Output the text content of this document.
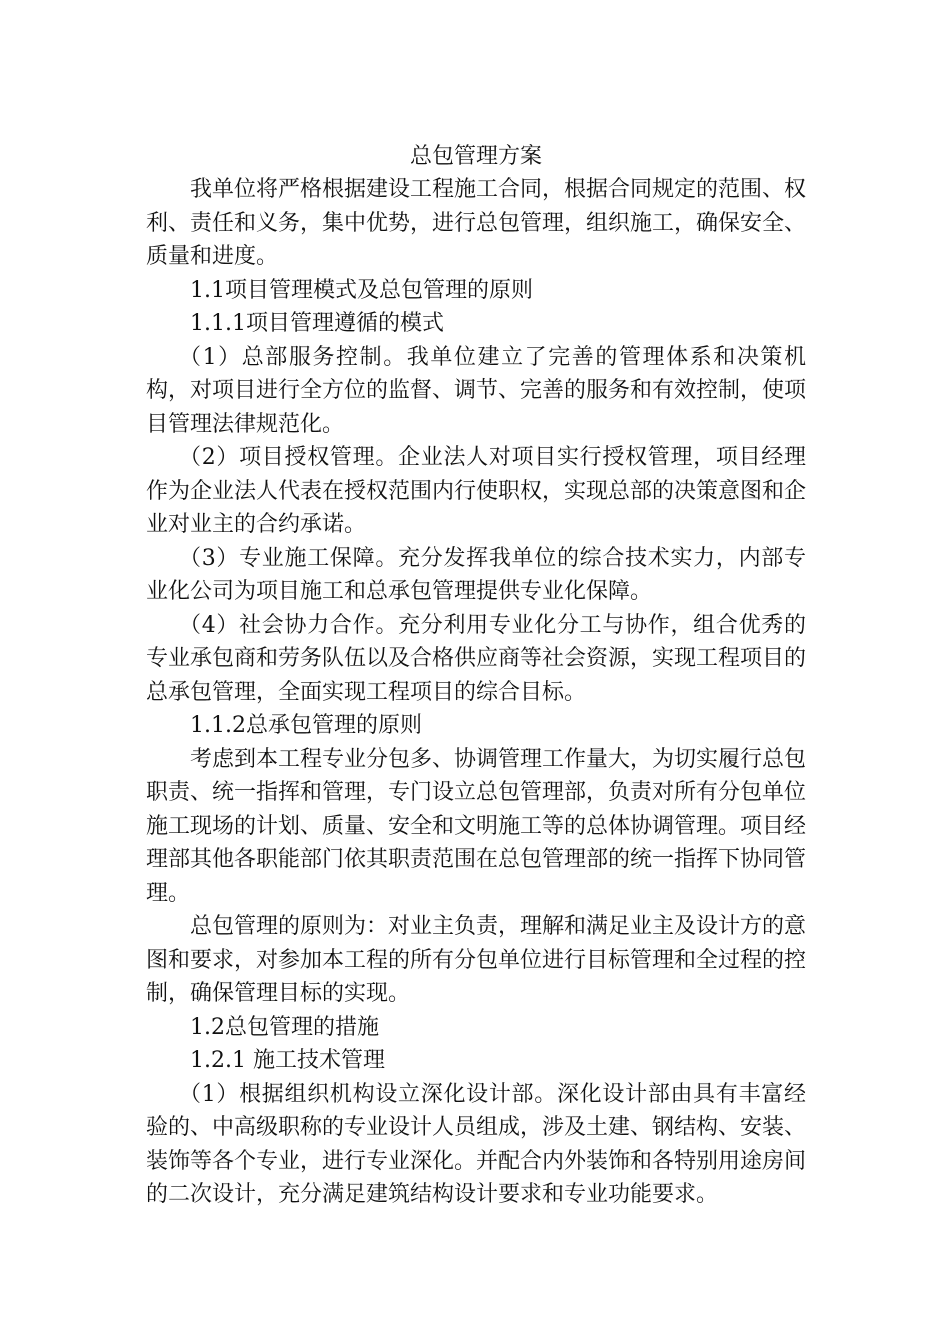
总包管理方案

我单位将严格根据建设工程施工合同，根据合同规定的范围、权利、责任和义务，集中优势，进行总包管理，组织施工，确保安全、质量和进度。

1.1项目管理模式及总包管理的原则

1.1.1项目管理遵循的模式

（1）总部服务控制。我单位建立了完善的管理体系和决策机构，对项目进行全方位的监督、调节、完善的服务和有效控制，使项目管理法律规范化。

（2）项目授权管理。企业法人对项目实行授权管理，项目经理作为企业法人代表在授权范围内行使职权，实现总部的决策意图和企业对业主的合约承诺。

（3）专业施工保障。充分发挥我单位的综合技术实力，内部专业化公司为项目施工和总承包管理提供专业化保障。

（4）社会协力合作。充分利用专业化分工与协作，组合优秀的专业承包商和劳务队伍以及合格供应商等社会资源，实现工程项目的总承包管理，全面实现工程项目的综合目标。

1.1.2总承包管理的原则

考虑到本工程专业分包多、协调管理工作量大，为切实履行总包职责、统一指挥和管理，专门设立总包管理部，负责对所有分包单位施工现场的计划、质量、安全和文明施工等的总体协调管理。项目经理部其他各职能部门依其职责范围在总包管理部的统一指挥下协同管理。

总包管理的原则为：对业主负责，理解和满足业主及设计方的意图和要求，对参加本工程的所有分包单位进行目标管理和全过程的控制，确保管理目标的实现。

1.2总包管理的措施

1.2.1 施工技术管理

（1）根据组织机构设立深化设计部。深化设计部由具有丰富经验的、中高级职称的专业设计人员组成，涉及土建、钢结构、安装、装饰等各个专业，进行专业深化。并配合内外装饰和各特别用途房间的二次设计，充分满足建筑结构设计要求和专业功能要求。
